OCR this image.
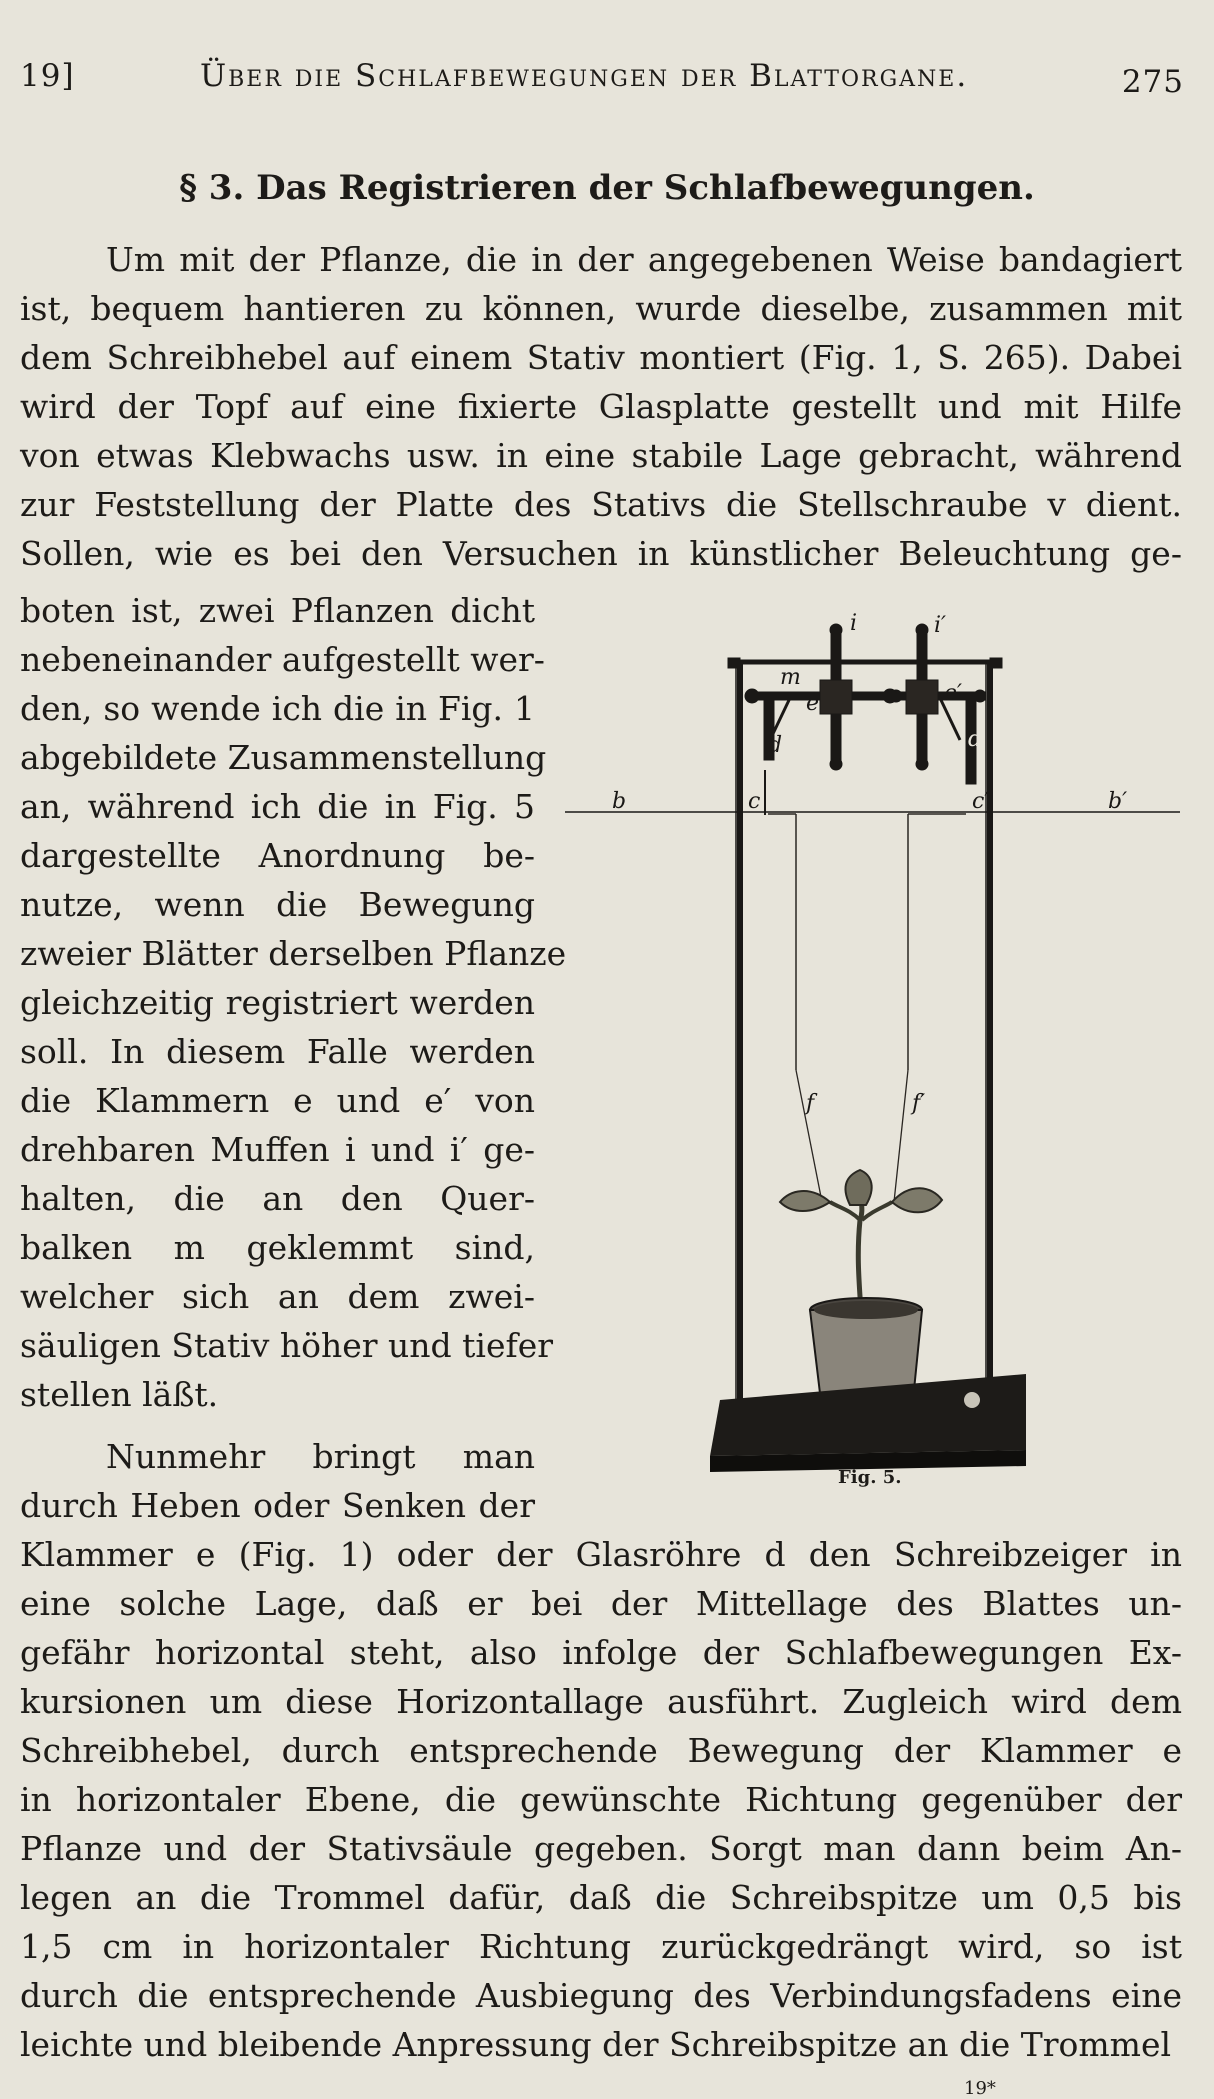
19]	Über die Schlafbewegungen der Blattorgane.	275
§ 3. Das Registrieren der Schlafbewegungen.
Um mit der Pflanze, die in der angegebenen Weise bandagiert
ist, bequem hantieren zu können, wurde dieselbe, zusammen mit
dem Schreibhebel auf einem Stativ montiert (Fig. 1, S. 265). Dabei
wird der Topf auf eine fixierte Glasplatte gestellt und mit Hilfe
von etwas Klebwachs usw. in eine stabile Lage gebracht, während
zur Feststellung der Platte des Stativs die Stellschraube v dient.
Sollen, wie es bei den Versuchen in künstlicher Beleuchtung ge-
boten ist, zwei Pflanzen dicht
nebeneinander aufgestellt wer-
den, so wende ich die in Fig. 1
abgebildete Zusammenstellung
an, während ich die in Fig. 5
dargestellte Anordnung be-
nutze, wenn die Bewegung
zweier Blätter derselben Pflanze
gleichzeitig registriert werden
soll. In diesem Falle werden
die Klammern e und e′ von
drehbaren Muffen i und i′ ge-
halten, die an den Quer-
balken m geklemmt sind,
welcher sich an dem zwei-
säuligen Stativ höher und tiefer
stellen läßt.
Nunmehr bringt man
durch Heben oder Senken der
Klammer e (Fig. 1) oder der Glasröhre d den Schreibzeiger in
eine solche Lage, daß er bei der Mittellage des Blattes un-
gefähr horizontal steht, also infolge der Schlafbewegungen Ex-
kursionen um diese Horizontallage ausführt. Zugleich wird dem
Schreibhebel, durch entsprechende Bewegung der Klammer e
in horizontaler Ebene, die gewünschte Richtung gegenüber der
Pflanze und der Stativsäule gegeben. Sorgt man dann beim An-
legen an die Trommel dafür, daß die Schreibspitze um 0,5 bis
1,5 cm in horizontaler Richtung zurückgedrängt wird, so ist
durch die entsprechende Ausbiegung des Verbindungsfadens eine
leichte und bleibende Anpressung der Schreibspitze an die Trommel
i	i′
m
e	e′
d	d
b	b′
c	c′
f	f′
Fig. 5.
19*
